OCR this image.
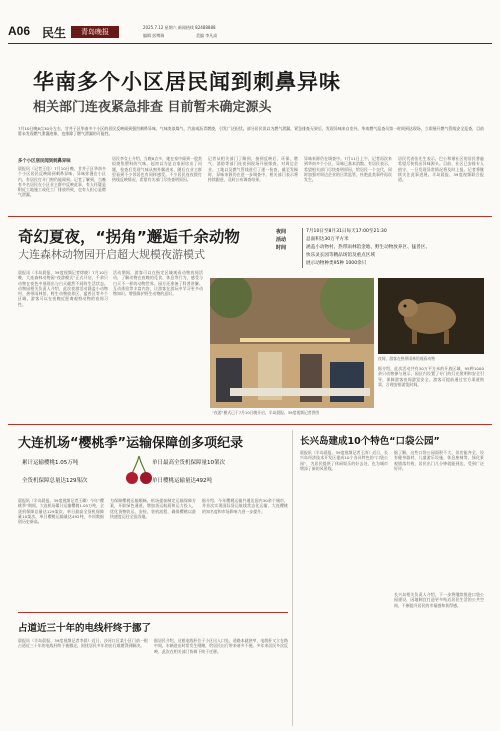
A06 民生	青岛晚报
2025.7.12 星期六 新闻热线 82488888
编辑 彭博瑞	美编 李凡高
华南多个小区居民闻到刺鼻异味
相关部门连夜紧急排查 目前暂未确定源头
7月10日晚8点30分左右，甘井子区华南多个小区的居民反映闻到强烈刺鼻异味，气味类似煤气、汽油或沥青燃烧，引发广泛担忧。部分居民误以为燃气泄漏，紧急排查无果后，发现异味来自室外。华南燃气巡查员第一时间到达现场，立即展开燃气管线安全巡查，目前暂未发现燃气泄漏迹象，也排除了燃气泄漏的可能性。
多个小区居民闻到刺鼻异味
晨报讯（记者王佳）7月10日晚，甘井子区华南多个小区居民反映闻到刺鼻异味，异味弥漫在小区内，有居民打开门窗仍能闻到。记者了解到，当晚有多名居民在小区业主群中反映此事，有人怀疑是附近工地施工或化工厂排放所致，也有人担心是燃气泄漏。
居民李女士介绍，当晚8点多，她在家中闻到一股类似烧焦塑料的气味，起初以为是自家厨房出了问题，检查后发现气味从窗外飘进来，随后在业主群里看到不少邻居也有同样感受。不少居民连夜拨打热线反映情况，希望有关部门尽快查明原因。
记者从相关部门了解到，接到反映后，环保、燃气、消防等部门连夜到现场开展排查，对周边企业、工地以及燃气管线进行了逐一检查，截至发稿时，异味来源仍在进一步调查中，相关部门表示将持续跟进，及时公布调查结果。
异味来源仍在调查中。7月11日上午，记者再次来到华南多个小区，异味已基本消散。有居民表示，希望相关部门尽快查明原因，给居民一个交代，同时加强对周边企业的日常监管，杜绝此类事件再次发生。
居民代表张先生表示，巴公和谐社区的居民普遍希望尽快找出异味源头。目前，社区已安排专人值守，一旦发现异常情况将及时上报。记者将继续关注此事进展。半岛晨报、39度视频联合报道。
奇幻夏夜，“拐角”邂逅千余动物
大连森林动物园开启超大规模夜游模式
夜间
活动
时间
7月10日至8月31日每天17:00至21:30
总面积达30万平方米
涵盖小动物村、热带雨林馆金地、野生动物放养区、猛兽区、
快乐灵长园等精品场馆及重点区域
展示动物种类95种 1000余只
晨报讯（半岛晨报、39度视频记者徐晓）7月10日晚，大连森林动物园“夜游模式”正式开启，千余只动物在夜色中展现出与白天截然不同的生活状态。动物园相关负责人介绍，此次夜游活动涵盖小动物村、热带雨林馆、野生动物放养区、猛兽区等多个区域，游客可以在夜晚近距离观察动物的夜间习性。
活动期间，游客可以在指定区域观看动物夜间活动，了解动物在夜晚的觅食、休息等行为，感受与白天不一样的动物世界。园方还准备了科普讲解、互动体验等丰富内容，让游客在游玩中学习更多动物知识，增强保护野生动物的意识。
“夜游”模式已于7月10日晚开启，半岛晨报、39度视频记者供图
夜间，游客在热带雨林馆观看动物
据介绍，此次活动共有30万平方米的开放区域，95种1000余只动物参与展示，园区内设置了专门的灯光照明和安全引导，保障游客夜间游览安全。游客可提前通过官方渠道购票，合理安排游览时间。
大连机场“樱桃季”运输保障创多项纪录
累计运输樱桃1.05万吨	单日最高全货机保障量10架次
全货机保障总量达129架次	单日樱桃运输量达492吨
晨报讯（半岛晨报、39度视频记者王璐）今年“樱桃季”期间，大连机场累计运输樱桃1.05万吨，全货机保障总量达129架次，单日最高全货机保障量10架次，单日樱桃运输量达492吨，多项数据创历史新高。
为保障樱桃运输顺畅，机场提前制定运输保障方案，开辟绿色通道，增加货运航班和运力投入，优化货物收运、安检、装机流程，确保樱桃以最快速度运往全国各地。
据介绍，今年樱桃运输共通达国内30余个城市，并首次实现国际货运航线常态化运输，大连樱桃的知名度和市场影响力进一步提升。
占道近三十年的电线杆终于挪了
晨报讯（半岛晨报、39度视频记者李晨）近日，沙河口区某小区门前一根占道近三十年的电线杆终于被挪走，困扰居民多年的出行难题得到解决。
据居民介绍，这根电线杆位于小区出入口处，道路本就狭窄，电线杆又立在路中间，车辆进出时常发生剐蹭，给居民出行带来诸多不便。多年来居民多次反映，此次在相关部门协调下终于迁移。
长兴岛建成10个特色“口袋公园”
晨报讯（半岛晨报、39度视频记者王涛）近日，长兴岛经济技术开发区建成10个各具特色的“口袋公园”，为居民提供了休闲娱乐的好去处，也为城市增添了新的风景线。
据了解，这些口袋公园面积不大，但功能齐全，设有健身器材、儿童游乐设施、休息座椅等，绿化景观错落有致，居民出门几分钟就能到达，受到广泛好评。
长兴岛相关负责人介绍，下一步将继续推进口袋公园建设，因地制宜打造更多贴近居民生活的公共空间，不断提升居民的幸福感和获得感。
